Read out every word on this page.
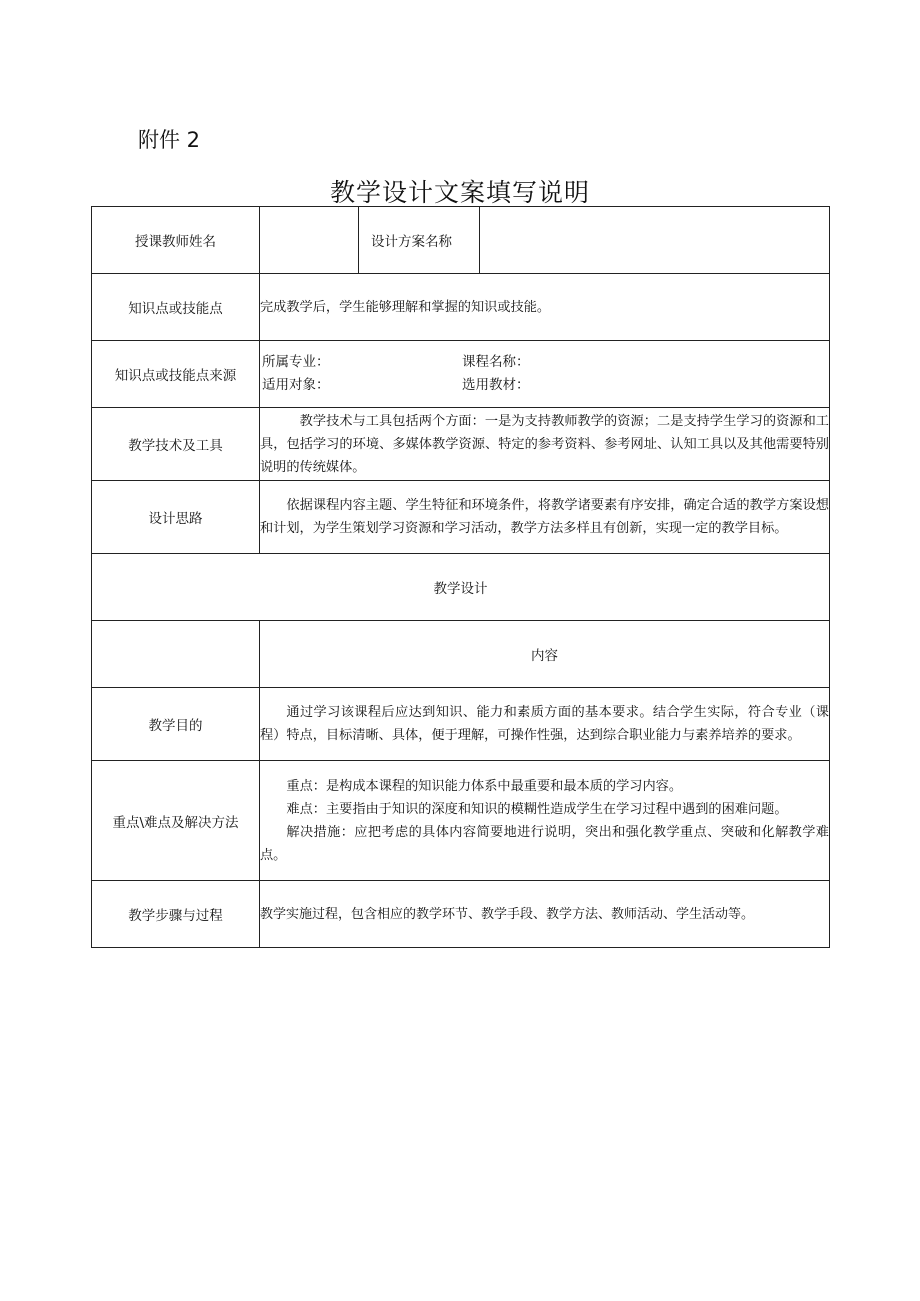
附件 2
教学设计文案填写说明
授课教师姓名		设计方案名称	
知识点或技能点	完成教学后，学生能够理解和掌握的知识或技能。		
知识点或技能点来源	所属专业： 课程名称：
适用对象： 选用教材：		

教学技术及工具	教学技术与工具包括两个方面：一是为支持教师教学的资源；二是支持学生学习的资源和工具，包括学习的环境、多媒体教学资源、特定的参考资料、参考网址、认知工具以及其他需要特别说明的传统媒体。		

设计思路	依据课程内容主题、学生特征和环境条件，将教学诸要素有序安排，确定合适的教学方案设想和计划，为学生策划学习资源和学习活动，教学方法多样且有创新，实现一定的教学目标。		

教学设计			
	内容		
教学目的	通过学习该课程后应达到知识、能力和素质方面的基本要求。结合学生实际，符合专业（课程）特点，目标清晰、具体，便于理解，可操作性强，达到综合职业能力与素养培养的要求。		

重点\难点及解决方法	重点：是构成本课程的知识能力体系中最重要和最本质的学习内容。

难点：主要指由于知识的深度和知识的模糊性造成学生在学习过程中遇到的困难问题。

解决措施：应把考虑的具体内容简要地进行说明，突出和强化教学重点、突破和化解教学难点。		

教学步骤与过程	教学实施过程，包含相应的教学环节、教学手段、教学方法、教师活动、学生活动等。		
